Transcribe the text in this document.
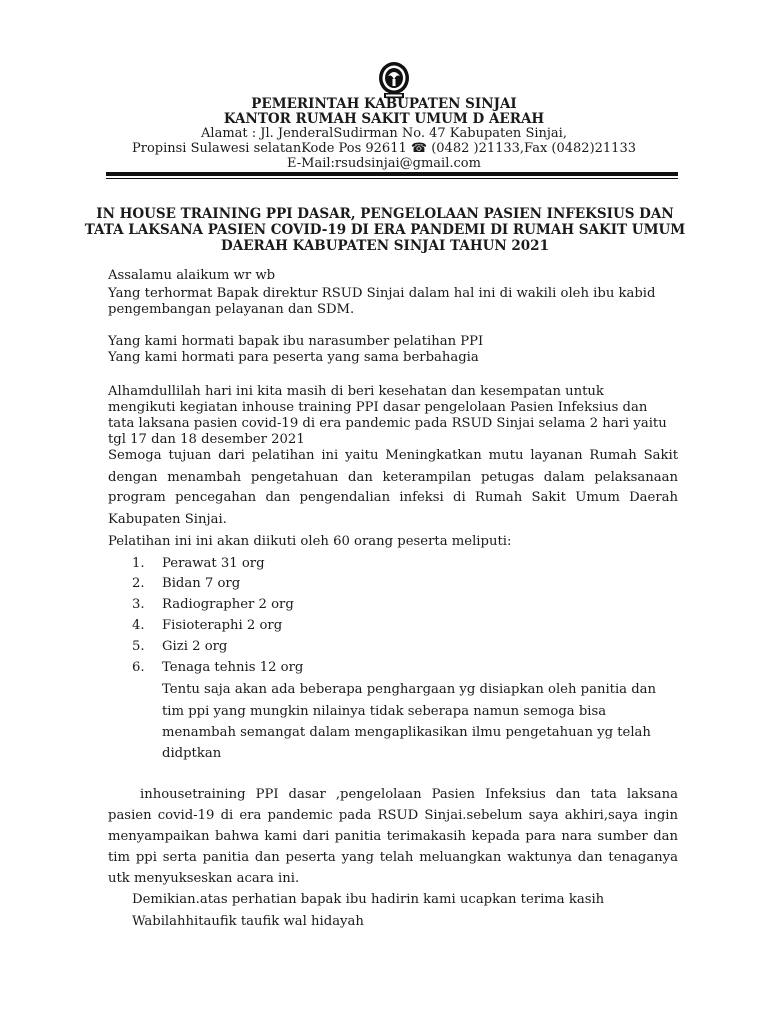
PEMERINTAH KABUPATEN SINJAI
KANTOR RUMAH SAKIT UMUM D AERAH
Alamat : Jl. JenderalSudirman No. 47 Kabupaten Sinjai,
Propinsi Sulawesi selatanKode Pos 92611 ☎ (0482 )21133,Fax (0482)21133
E-Mail:rsudsinjai@gmail.com
IN HOUSE TRAINING PPI DASAR, PENGELOLAAN PASIEN INFEKSIUS DAN
TATA LAKSANA PASIEN COVID-19 DI ERA PANDEMI DI RUMAH SAKIT UMUM
DAERAH KABUPATEN SINJAI TAHUN 2021
Assalamu alaikum wr wb
Yang terhormat Bapak direktur RSUD Sinjai dalam hal ini di wakili oleh ibu kabid
pengembangan pelayanan dan SDM.
Yang kami hormati bapak ibu narasumber pelatihan PPI
Yang kami hormati para peserta yang sama berbahagia
Alhamdullilah hari ini kita masih di beri kesehatan dan kesempatan untuk
mengikuti kegiatan inhouse training PPI dasar pengelolaan Pasien Infeksius dan
tata laksana pasien covid-19 di era pandemic pada RSUD Sinjai selama 2 hari yaitu
tgl 17 dan 18 desember 2021
Semoga tujuan dari pelatihan ini yaitu Meningkatkan mutu layanan Rumah Sakit
dengan menambah pengetahuan dan keterampilan petugas dalam pelaksanaan
program pencegahan dan pengendalian infeksi di Rumah Sakit Umum Daerah
Kabupaten Sinjai.
Pelatihan ini ini akan diikuti oleh 60 orang peserta meliputi:
1. Perawat 31 org
2. Bidan 7 org
3. Radiographer 2 org
4. Fisioteraphi 2 org
5. Gizi 2 org
6. Tenaga tehnis 12 org
Tentu saja akan ada beberapa penghargaan yg disiapkan oleh panitia dan
tim ppi yang mungkin nilainya tidak seberapa namun semoga bisa
menambah semangat dalam mengaplikasikan ilmu pengetahuan yg telah
didptkan
inhousetraining PPI dasar ,pengelolaan Pasien Infeksius dan tata laksana
pasien covid-19 di era pandemic pada RSUD Sinjai.sebelum saya akhiri,saya ingin
menyampaikan bahwa kami dari panitia terimakasih kepada para nara sumber dan
tim ppi serta panitia dan peserta yang telah meluangkan waktunya dan tenaganya
utk menyukseskan acara ini.
Demikian.atas perhatian bapak ibu hadirin kami ucapkan terima kasih
Wabilahhitaufik taufik wal hidayah
